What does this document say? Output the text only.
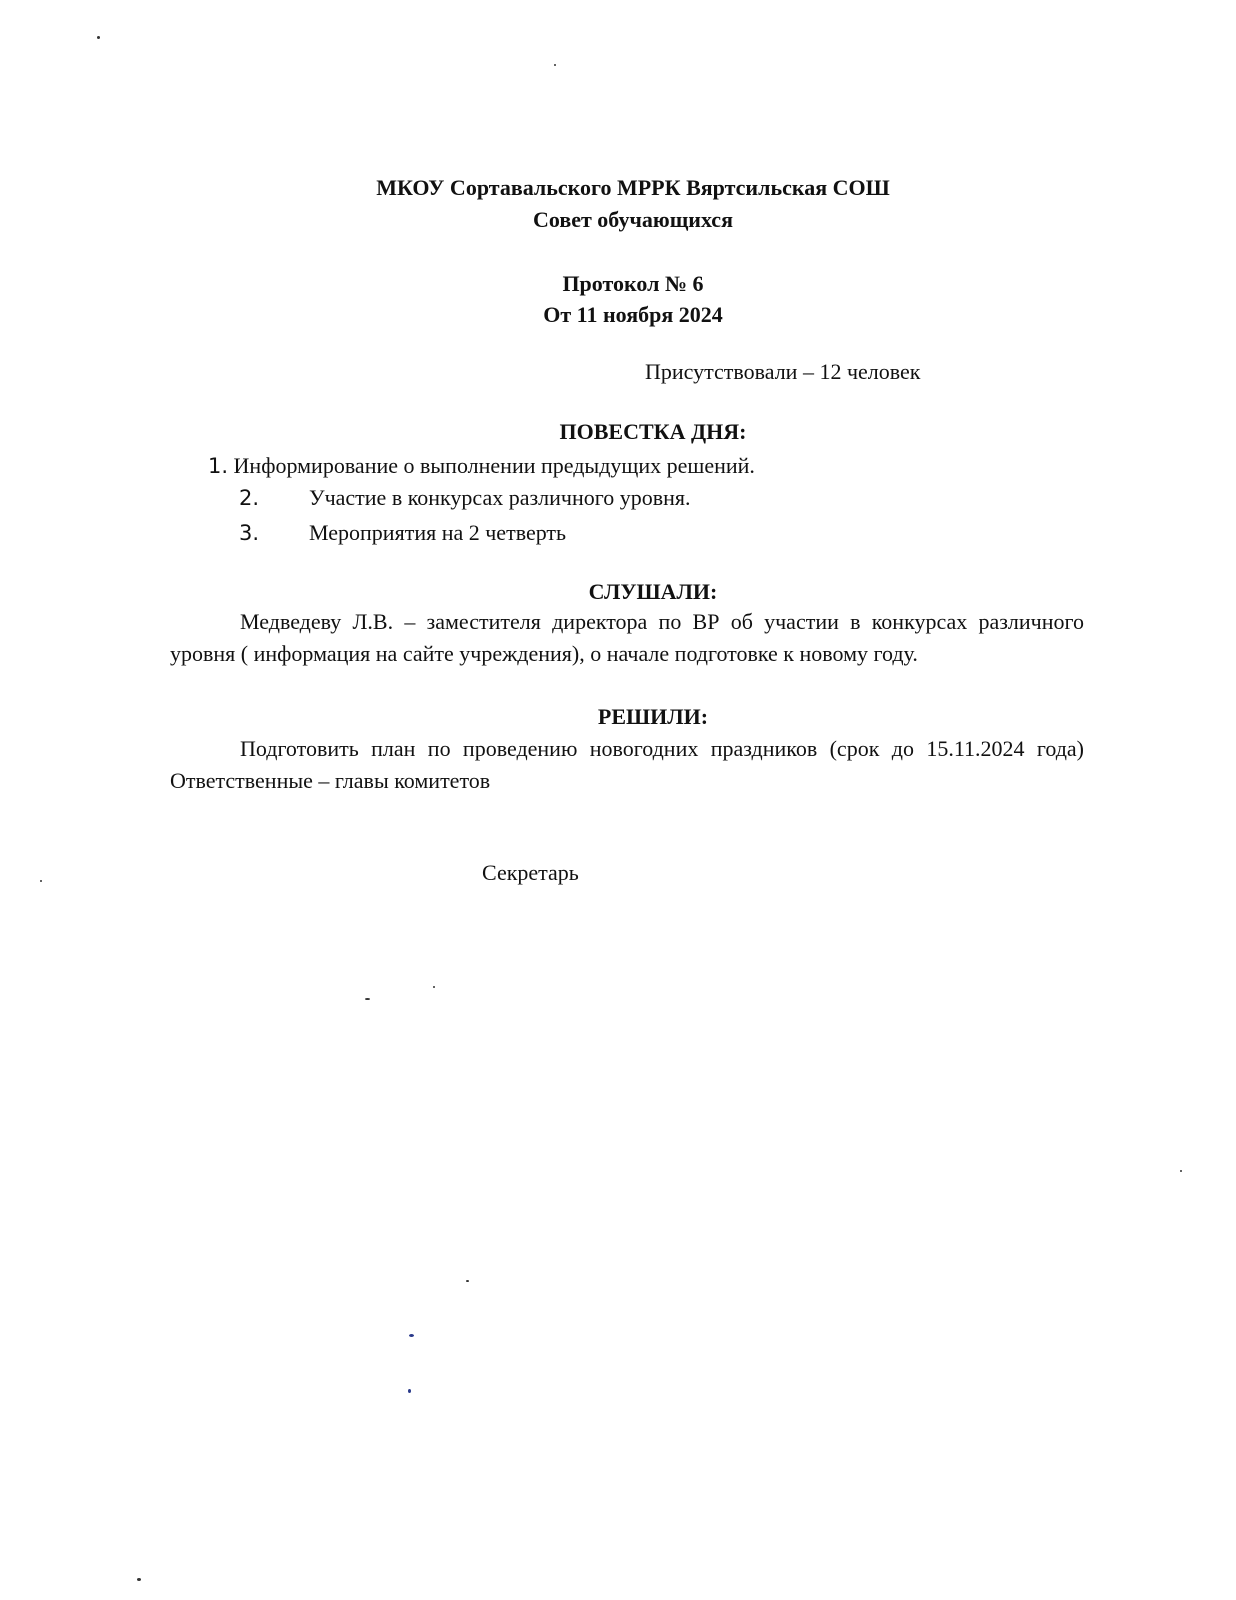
МКОУ Сортавальского МРРК Вяртсильская СОШ
Совет обучающихся
Протокол № 6
От 11 ноября 2024
Присутствовали – 12 человек
ПОВЕСТКА ДНЯ:
1. Информирование о выполнении предыдущих решений.
2. Участие в конкурсах различного уровня.
3. Мероприятия на 2 четверть
СЛУШАЛИ:
Медведеву Л.В. – заместителя директора по ВР об участии в конкурсах различного уровня ( информация на сайте учреждения), о начале подготовке к новому году.
РЕШИЛИ:
Подготовить план по проведению новогодних праздников (срок до 15.11.2024 года) Ответственные – главы комитетов
Секретарь
